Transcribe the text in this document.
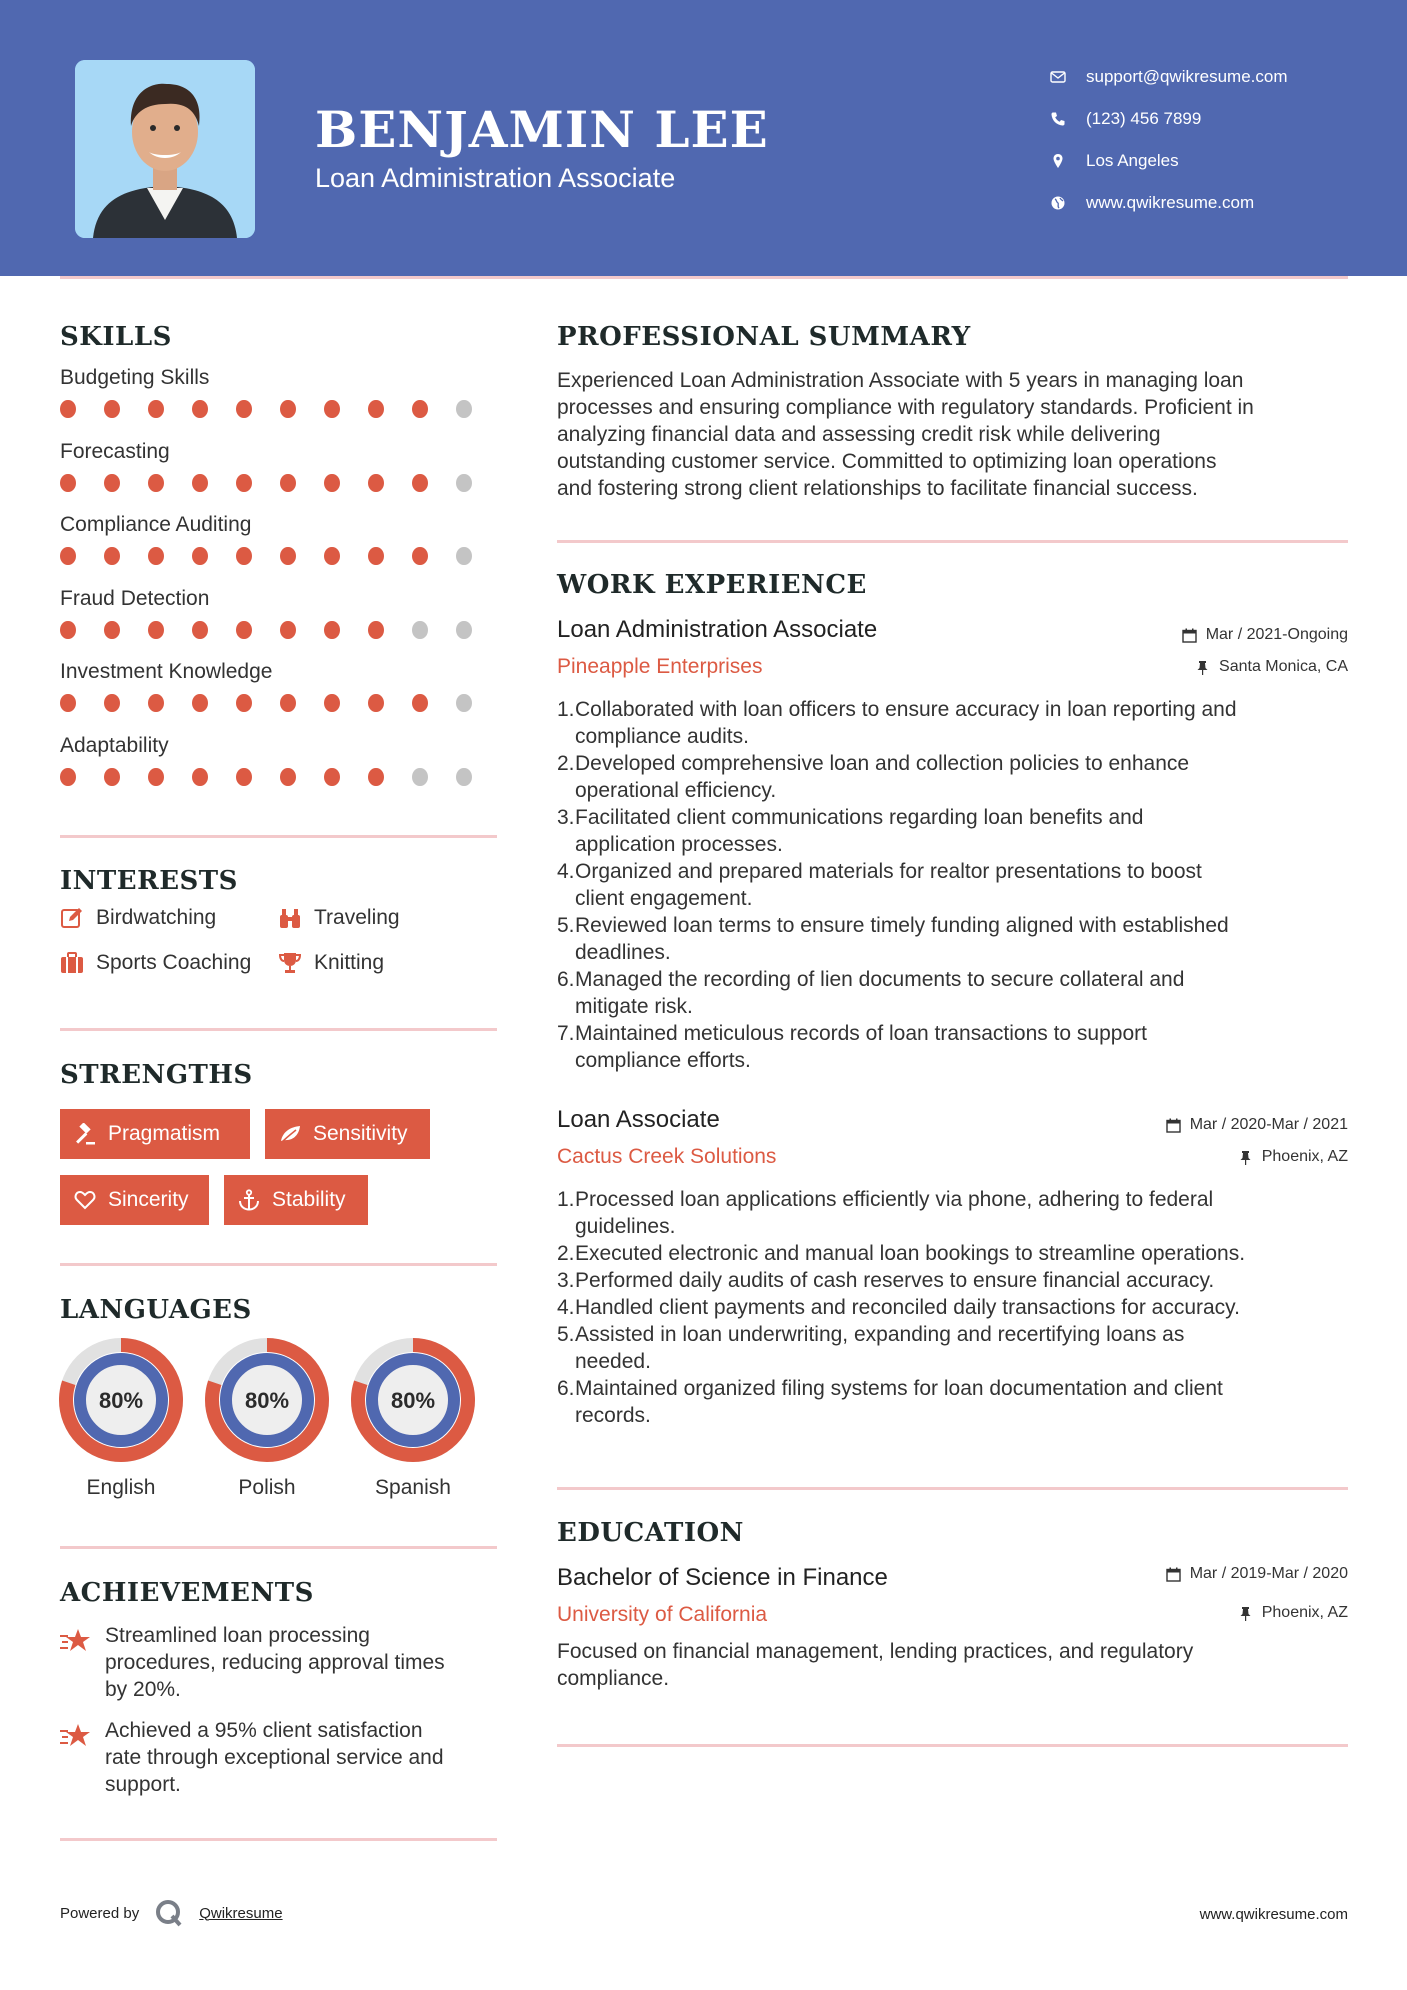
BENJAMIN LEE
Loan Administration Associate
support@qwikresume.com
(123) 456 7899
Los Angeles
www.qwikresume.com
SKILLS
Budgeting Skills
Forecasting
Compliance Auditing
Fraud Detection
Investment Knowledge
Adaptability
INTERESTS
Birdwatching	Traveling
Sports Coaching	Knitting
STRENGTHS
Pragmatism	Sensitivity
Sincerity	Stability
LANGUAGES
80%
English
80%
Polish
80%
Spanish
ACHIEVEMENTS
Streamlined loan processing
procedures, reducing approval times
by 20%.
Achieved a 95% client satisfaction
rate through exceptional service and
support.
PROFESSIONAL SUMMARY
Experienced Loan Administration Associate with 5 years in managing loan
processes and ensuring compliance with regulatory standards. Proficient in
analyzing financial data and assessing credit risk while delivering
outstanding customer service. Committed to optimizing loan operations
and fostering strong client relationships to facilitate financial success.
WORK EXPERIENCE
Loan Administration Associate	Mar / 2021-Ongoing
Pineapple Enterprises	Santa Monica, CA
1. Collaborated with loan officers to ensure accuracy in loan reporting and
compliance audits.
2. Developed comprehensive loan and collection policies to enhance
operational efficiency.
3. Facilitated client communications regarding loan benefits and
application processes.
4. Organized and prepared materials for realtor presentations to boost
client engagement.
5. Reviewed loan terms to ensure timely funding aligned with established
deadlines.
6. Managed the recording of lien documents to secure collateral and
mitigate risk.
7. Maintained meticulous records of loan transactions to support
compliance efforts.
Loan Associate	Mar / 2020-Mar / 2021
Cactus Creek Solutions	Phoenix, AZ
1. Processed loan applications efficiently via phone, adhering to federal
guidelines.
2. Executed electronic and manual loan bookings to streamline operations.
3. Performed daily audits of cash reserves to ensure financial accuracy.
4. Handled client payments and reconciled daily transactions for accuracy.
5. Assisted in loan underwriting, expanding and recertifying loans as
needed.
6. Maintained organized filing systems for loan documentation and client
records.
EDUCATION
Bachelor of Science in Finance	Mar / 2019-Mar / 2020
University of California	Phoenix, AZ
Focused on financial management, lending practices, and regulatory
compliance.
Powered by	Qwikresume	www.qwikresume.com
